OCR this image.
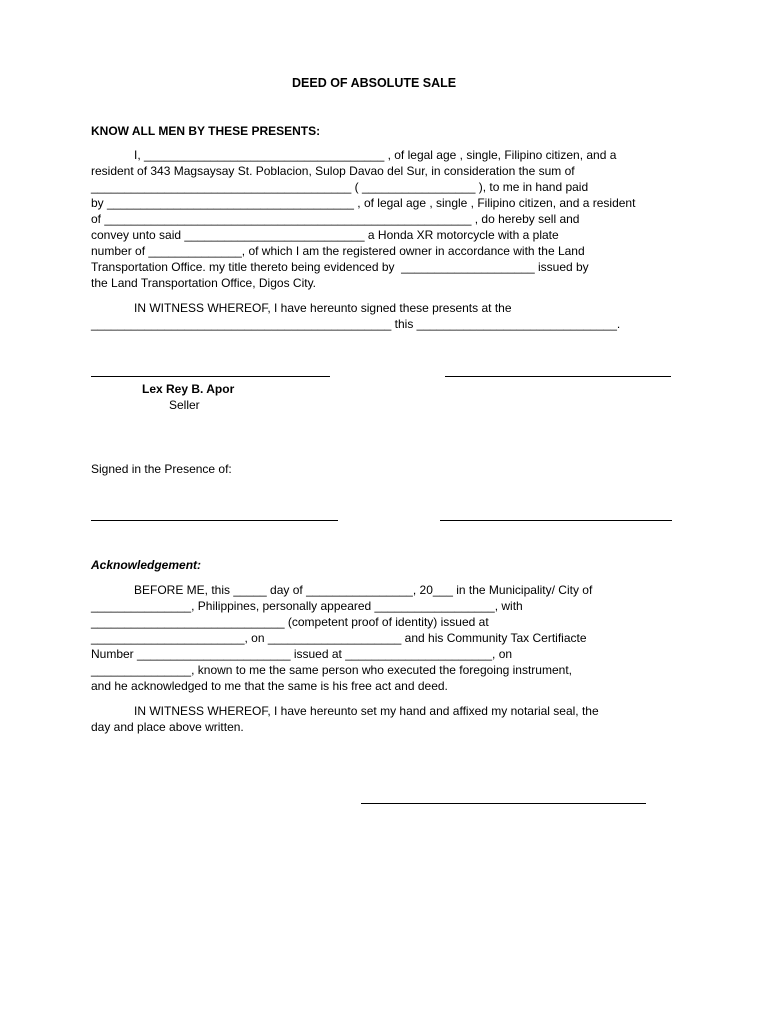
DEED OF ABSOLUTE SALE
KNOW ALL MEN BY THESE PRESENTS:
I, ____________________________________ , of legal age , single, Filipino citizen, and a
resident of 343 Magsaysay St. Poblacion, Sulop Davao del Sur, in consideration the sum of
_______________________________________ ( _________________ ), to me in hand paid
by _____________________________________ , of legal age , single , Filipino citizen, and a resident
of _______________________________________________________ , do hereby sell and
convey unto said ___________________________ a Honda XR motorcycle with a plate
number of ______________, of which I am the registered owner in accordance with the Land
Transportation Office. my title thereto being evidenced by  ____________________ issued by
the Land Transportation Office, Digos City.
IN WITNESS WHEREOF, I have hereunto signed these presents at the
_____________________________________________ this ______________________________.
Lex Rey B. Apor
Seller
Signed in the Presence of:
Acknowledgement:
BEFORE ME, this _____ day of ________________, 20___ in the Municipality/ City of
_______________, Philippines, personally appeared __________________, with
_____________________________ (competent proof of identity) issued at
_______________________, on ____________________ and his Community Tax Certifiacte
Number _______________________ issued at ______________________, on
_______________, known to me the same person who executed the foregoing instrument,
and he acknowledged to me that the same is his free act and deed.
IN WITNESS WHEREOF, I have hereunto set my hand and affixed my notarial seal, the
day and place above written.
